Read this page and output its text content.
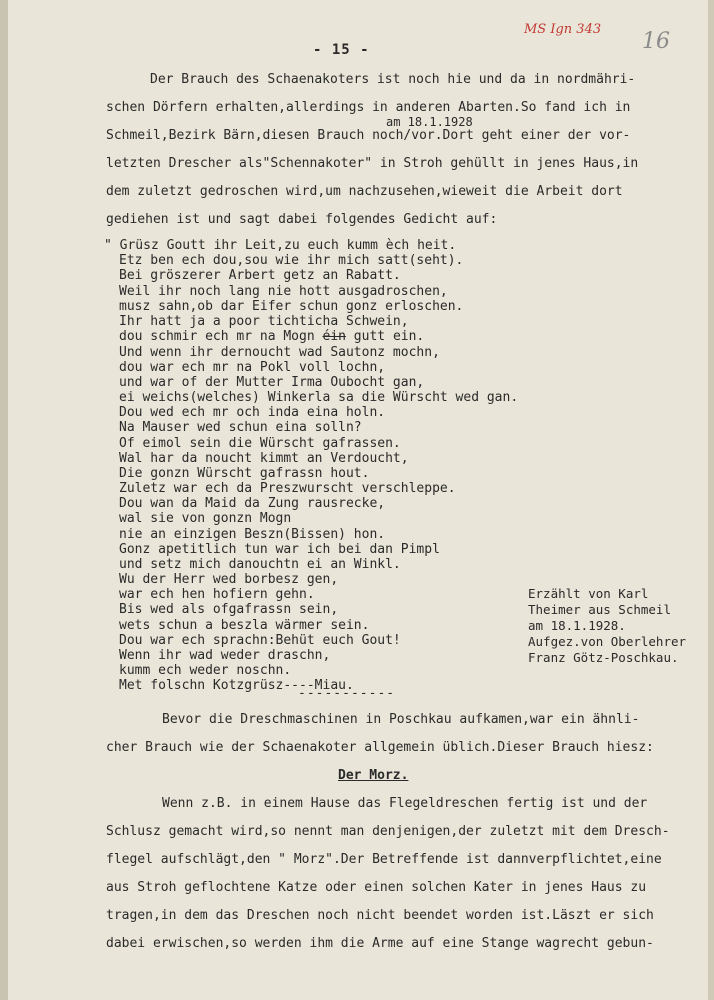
MS Ign 343 16
- 15 -
Der Brauch des Schaenakoters ist noch hie und da in nordmähri-
schen Dörfern erhalten,allerdings in anderen Abarten.So fand ich in
am 18.1.1928
Schmeil,Bezirk Bärn,diesen Brauch noch/vor.Dort geht einer der vor-
letzten Drescher als"Schennakoter" in Stroh gehüllt in jenes Haus,in
dem zuletzt gedroschen wird,um nachzusehen,wieweit die Arbeit dort
gediehen ist und sagt dabei folgendes Gedicht auf:
" Grüsz Goutt ihr Leit,zu euch kumm èch heit.
Etz ben ech dou,sou wie ihr mich satt(seht).
Bei gröszerer Arbert getz an Rabatt.
Weil ihr noch lang nie hott ausgadroschen,
musz sahn,ob dar Eifer schun gonz erloschen.
Ihr hatt ja a poor tichticha Schwein,
dou schmir ech mr na Mogn éin gutt ein.
Und wenn ihr dernoucht wad Sautonz mochn,
dou war ech mr na Pokl voll lochn,
und war of der Mutter Irma Oubocht gan,
ei weichs(welches) Winkerla sa die Würscht wed gan.
Dou wed ech mr och inda eina holn.
Na Mauser wed schun eina solln?
Of eimol sein die Würscht gafrassen.
Wal har da noucht kimmt an Verdoucht,
Die gonzn Würscht gafrassn hout.
Zuletz war ech da Preszwurscht verschleppe.
Dou wan da Maid da Zung rausrecke,
wal sie von gonzn Mogn
nie an einzigen Beszn(Bissen) hon.
Gonz apetitlich tun war ich bei dan Pimpl
und setz mich danouchtn ei an Winkl.
Wu der Herr wed borbesz gen,
war ech hen hofiern gehn.
Bis wed als ofgafrassn sein,
wets schun a beszla wärmer sein.
Dou war ech sprachn:Behüt euch Gout!
Wenn ihr wad weder draschn,
kumm ech weder noschn.
Met folschn Kotzgrüsz----Miau.
Erzählt von Karl
Theimer aus Schmeil
am 18.1.1928.
Aufgez.von Oberlehrer
Franz Götz-Poschkau.
-----------
Bevor die Dreschmaschinen in Poschkau aufkamen,war ein ähnli-
cher Brauch wie der Schaenakoter allgemein üblich.Dieser Brauch hiesz:
Der Morz.
Wenn z.B. in einem Hause das Flegeldreschen fertig ist und der
Schlusz gemacht wird,so nennt man denjenigen,der zuletzt mit dem Dresch-
flegel aufschlägt,den " Morz".Der Betreffende ist dannverpflichtet,eine
aus Stroh geflochtene Katze oder einen solchen Kater in jenes Haus zu
tragen,in dem das Dreschen noch nicht beendet worden ist.Läszt er sich
dabei erwischen,so werden ihm die Arme auf eine Stange wagrecht gebun-
